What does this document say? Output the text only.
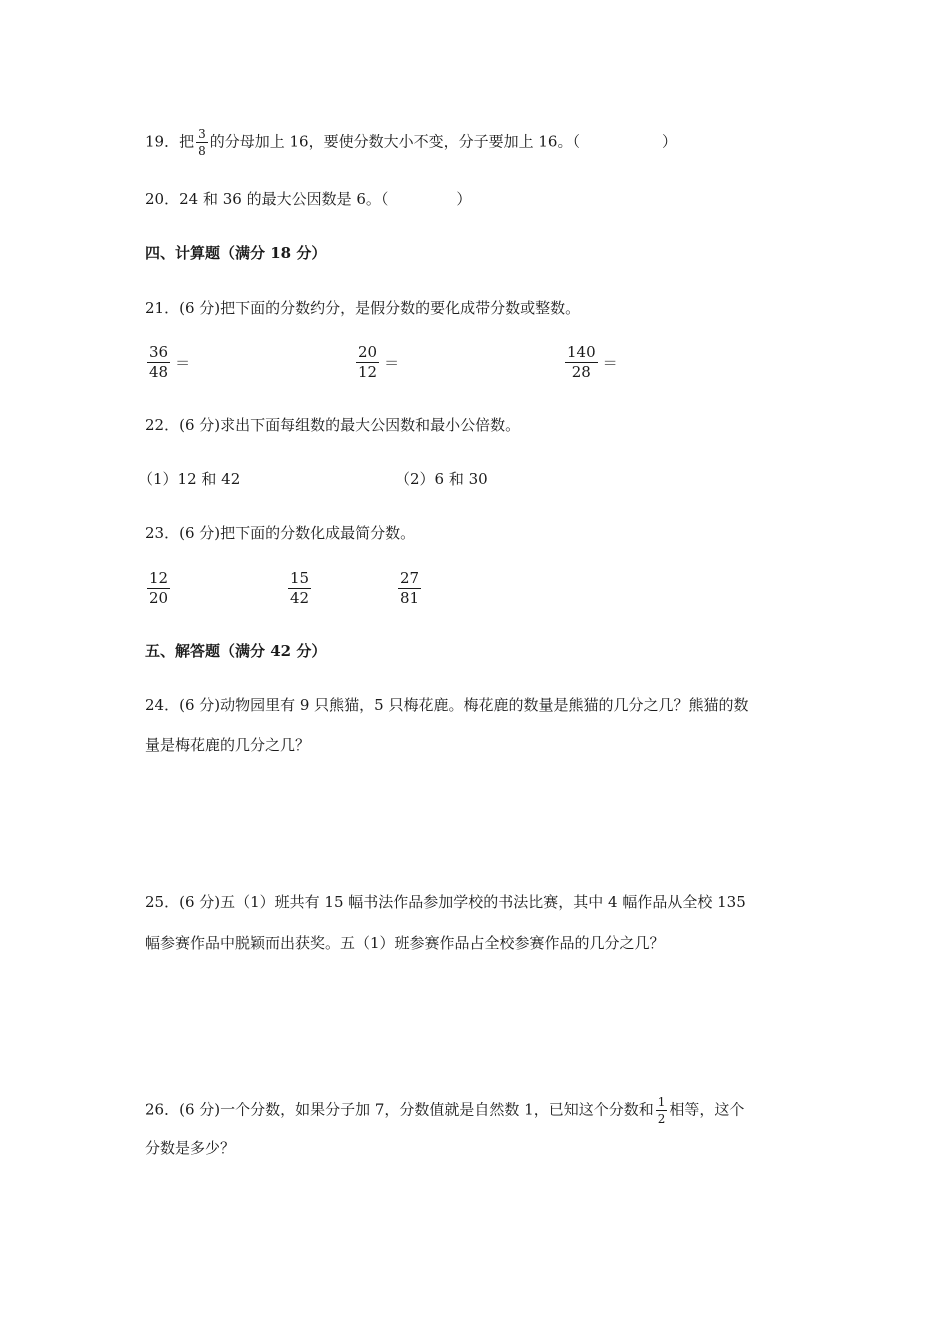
19．把 $\frac{3}{8}$ 的分母加上 16，要使分数大小不变，分子要加上 16。（	）
20．24 和 36 的最大公因数是 6。（	）
四、计算题（满分 18 分）
21．(6 分)把下面的分数约分，是假分数的要化成带分数或整数。
$\frac{36}{48}$ ＝	$\frac{20}{12}$ ＝	$\frac{140}{28}$ ＝
22．(6 分)求出下面每组数的最大公因数和最小公倍数。
（1）12 和 42	（2）6 和 30
23．(6 分)把下面的分数化成最简分数。
$\frac{12}{20}$	$\frac{15}{42}$	$\frac{27}{81}$
五、解答题（满分 42 分）
24．(6 分)动物园里有 9 只熊猫，5 只梅花鹿。梅花鹿的数量是熊猫的几分之几？熊猫的数
量是梅花鹿的几分之几？
25．(6 分)五（1）班共有 15 幅书法作品参加学校的书法比赛，其中 4 幅作品从全校 135
幅参赛作品中脱颖而出获奖。五（1）班参赛作品占全校参赛作品的几分之几？
26．(6 分)一个分数，如果分子加 7，分数值就是自然数 1，已知这个分数和 $\frac{1}{2}$ 相等，这个
分数是多少？
